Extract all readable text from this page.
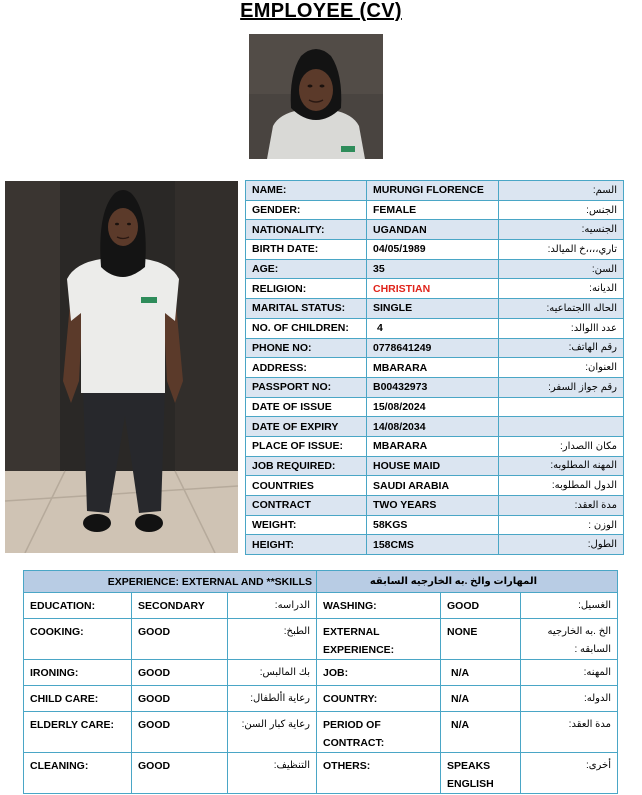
EMPLOYEE (CV)
NAME:	MURUNGI FLORENCE	السم:
GENDER:	FEMALE	الجنس:
NATIONALITY:	UGANDAN	الجنسيه:
BIRTH DATE:	04/05/1989	تاري،،،،خ الميالد:
AGE:	35	السن:
RELIGION:	CHRISTIAN	الديانه:
MARITAL STATUS:	SINGLE	الحاله االجتماعيه:
NO. OF CHILDREN:	4	عدد االوالد:
PHONE NO:	0778641249	رقم الهاتف:
ADDRESS:	MBARARA	العنوان:
PASSPORT NO:	B00432973	رقم جواز السفر:
DATE OF ISSUE	15/08/2024	
DATE OF EXPIRY	14/08/2034	
PLACE OF ISSUE:	MBARARA	مكان االصدار:
JOB REQUIRED:	HOUSE MAID	المهنه المطلوبه:
COUNTRIES	SAUDI ARABIA	الدول المطلوبه:
CONTRACT	TWO YEARS	مدة العقد:
WEIGHT:	58KGS	الوزن :
HEIGHT:	158CMS	الطول:
EXPERIENCE: EXTERNAL AND **SKILLS			المهارات والخ .به الخارجيه السابقه		
EDUCATION:	SECONDARY	الدراسه:	WASHING:	GOOD	الغسيل:
COOKING:	GOOD	الطبخ:	EXTERNAL EXPERIENCE:	NONE	الخ .به الخارجيه السابقه :
IRONING:	GOOD	بك المالبس:	JOB:	N/A	المهنه:
CHILD CARE:	GOOD	رعاية األطفال:	COUNTRY:	N/A	الدوله:
ELDERLY CARE:	GOOD	رعاية كبار السن:	PERIOD OF CONTRACT:	N/A	مدة العقد:
CLEANING:	GOOD	التنظيف:	OTHERS:	SPEAKS ENGLISH	أخرى:
